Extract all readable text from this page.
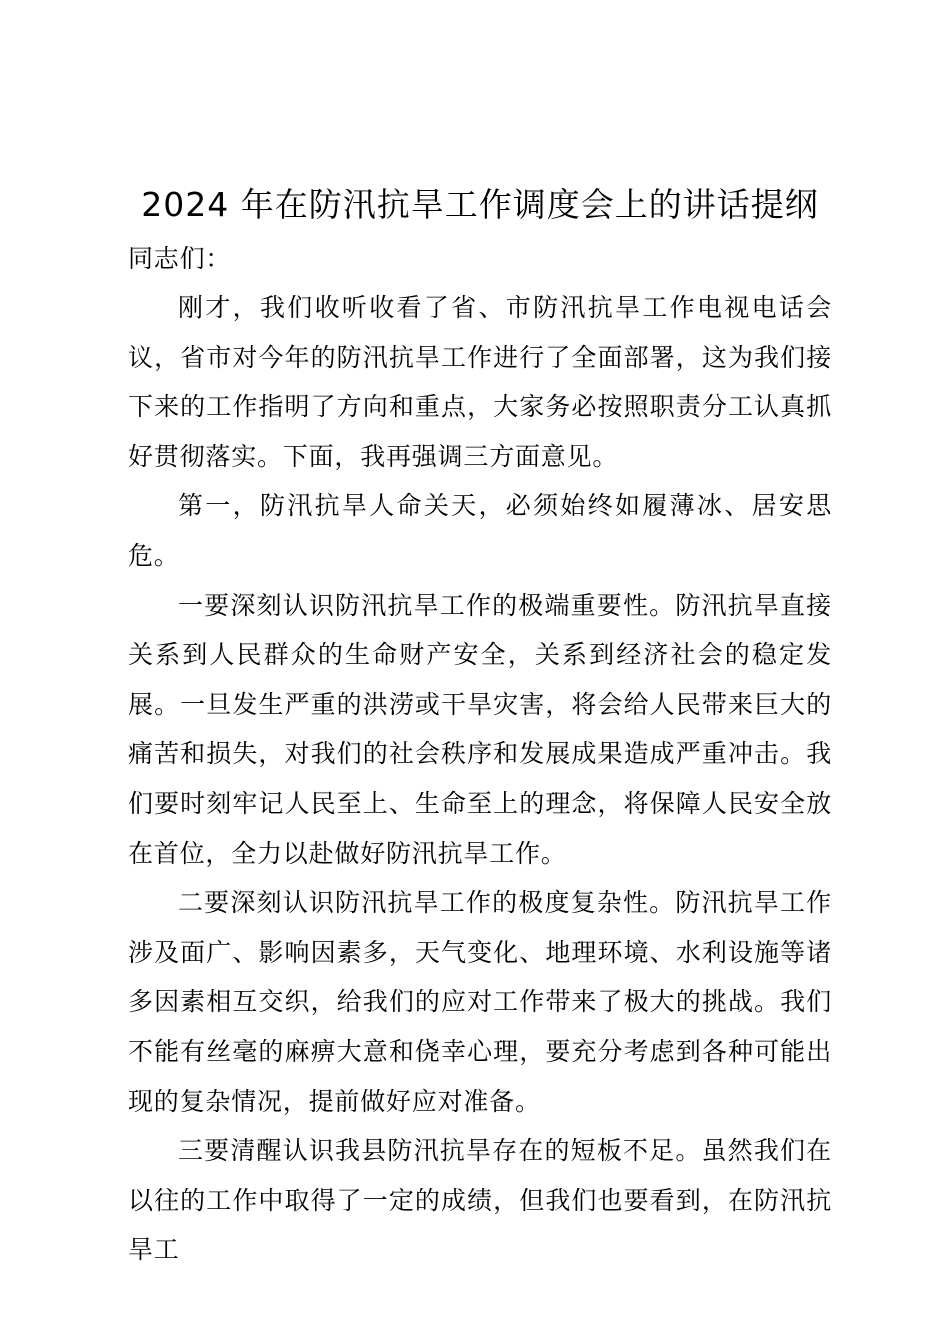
2024 年在防汛抗旱工作调度会上的讲话提纲

同志们：

刚才，我们收听收看了省、市防汛抗旱工作电视电话会议，省市对今年的防汛抗旱工作进行了全面部署，这为我们接下来的工作指明了方向和重点，大家务必按照职责分工认真抓好贯彻落实。下面，我再强调三方面意见。

第一，防汛抗旱人命关天，必须始终如履薄冰、居安思危。

一要深刻认识防汛抗旱工作的极端重要性。防汛抗旱直接关系到人民群众的生命财产安全，关系到经济社会的稳定发展。一旦发生严重的洪涝或干旱灾害，将会给人民带来巨大的痛苦和损失，对我们的社会秩序和发展成果造成严重冲击。我们要时刻牢记人民至上、生命至上的理念，将保障人民安全放在首位，全力以赴做好防汛抗旱工作。

二要深刻认识防汛抗旱工作的极度复杂性。防汛抗旱工作涉及面广、影响因素多，天气变化、地理环境、水利设施等诸多因素相互交织，给我们的应对工作带来了极大的挑战。我们不能有丝毫的麻痹大意和侥幸心理，要充分考虑到各种可能出现的复杂情况，提前做好应对准备。

三要清醒认识我县防汛抗旱存在的短板不足。虽然我们在以往的工作中取得了一定的成绩，但我们也要看到，在防汛抗旱工
